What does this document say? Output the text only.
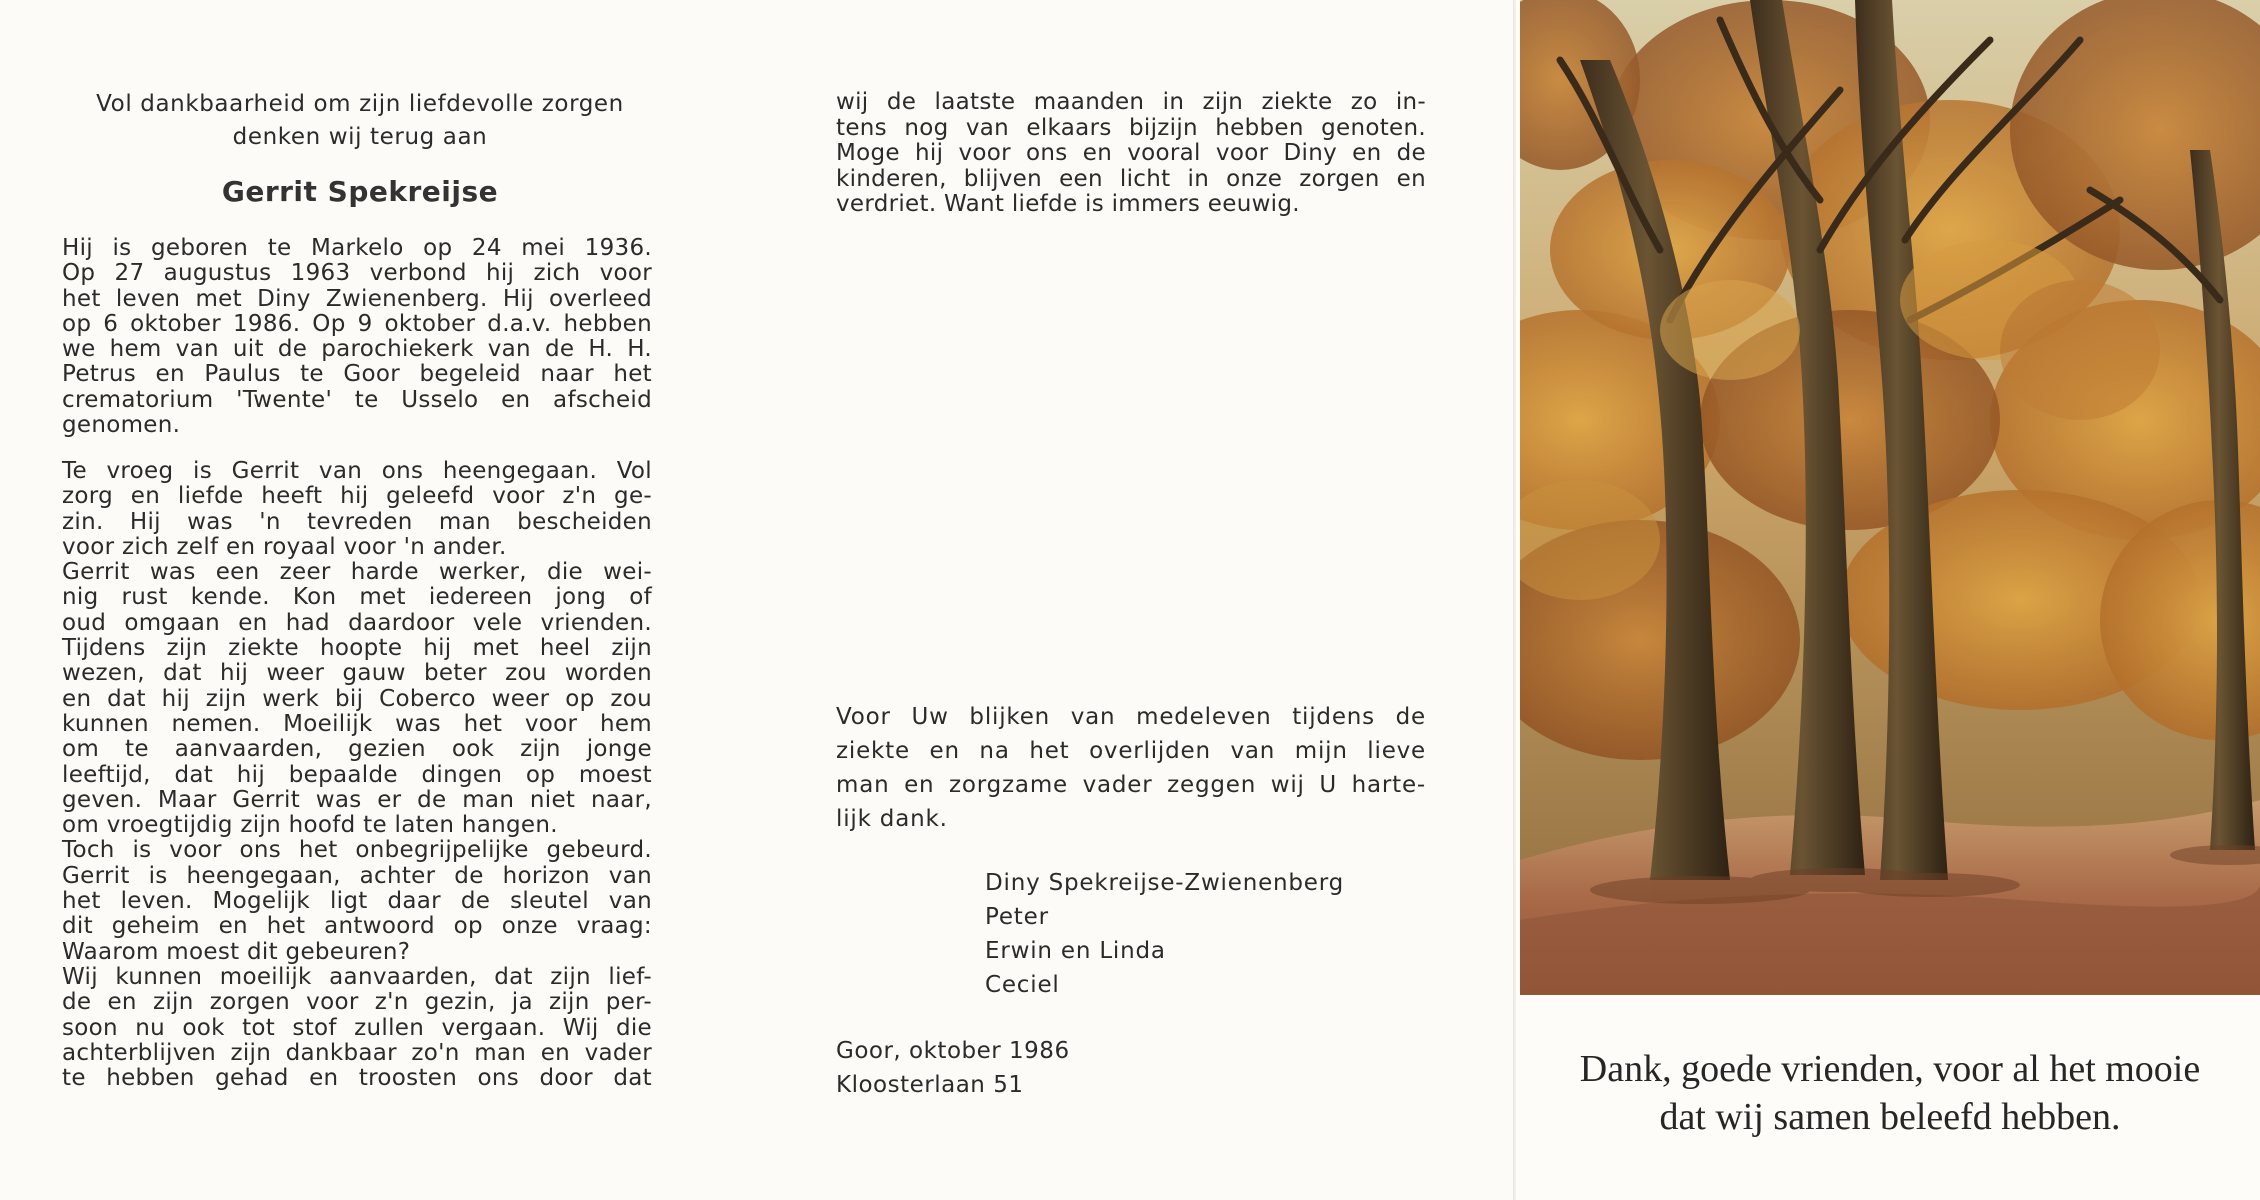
Vol dankbaarheid om zijn liefdevolle zorgen
denken wij terug aan
Gerrit Spekreijse

Hij is geboren te Markelo op 24 mei 1936.
Op 27 augustus 1963 verbond hij zich voor
het leven met Diny Zwienenberg. Hij overleed
op 6 oktober 1986. Op 9 oktober d.a.v. hebben
we hem van uit de parochiekerk van de H. H.
Petrus en Paulus te Goor begeleid naar het
crematorium 'Twente' te Usselo en afscheid
genomen.

Te vroeg is Gerrit van ons heengegaan. Vol
zorg en liefde heeft hij geleefd voor z'n ge-
zin. Hij was 'n tevreden man bescheiden
voor zich zelf en royaal voor 'n ander.
Gerrit was een zeer harde werker, die wei-
nig rust kende. Kon met iedereen jong of
oud omgaan en had daardoor vele vrienden.
Tijdens zijn ziekte hoopte hij met heel zijn
wezen, dat hij weer gauw beter zou worden
en dat hij zijn werk bij Coberco weer op zou
kunnen nemen. Moeilijk was het voor hem
om te aanvaarden, gezien ook zijn jonge
leeftijd, dat hij bepaalde dingen op moest
geven. Maar Gerrit was er de man niet naar,
om vroegtijdig zijn hoofd te laten hangen.
Toch is voor ons het onbegrijpelijke gebeurd.
Gerrit is heengegaan, achter de horizon van
het leven. Mogelijk ligt daar de sleutel van
dit geheim en het antwoord op onze vraag:
Waarom moest dit gebeuren?
Wij kunnen moeilijk aanvaarden, dat zijn lief-
de en zijn zorgen voor z'n gezin, ja zijn per-
soon nu ook tot stof zullen vergaan. Wij die
achterblijven zijn dankbaar zo'n man en vader
te hebben gehad en troosten ons door dat

wij de laatste maanden in zijn ziekte zo in-
tens nog van elkaars bijzijn hebben genoten.
Moge hij voor ons en vooral voor Diny en de
kinderen, blijven een licht in onze zorgen en
verdriet. Want liefde is immers eeuwig.

Voor Uw blijken van medeleven tijdens de
ziekte en na het overlijden van mijn lieve
man en zorgzame vader zeggen wij U harte-
lijk dank.

Diny Spekreijse-Zwienenberg
Peter
Erwin en Linda
Ceciel

Goor, oktober 1986
Kloosterlaan 51	Dank, goede vrienden, voor al het mooie
dat wij samen beleefd hebben.
